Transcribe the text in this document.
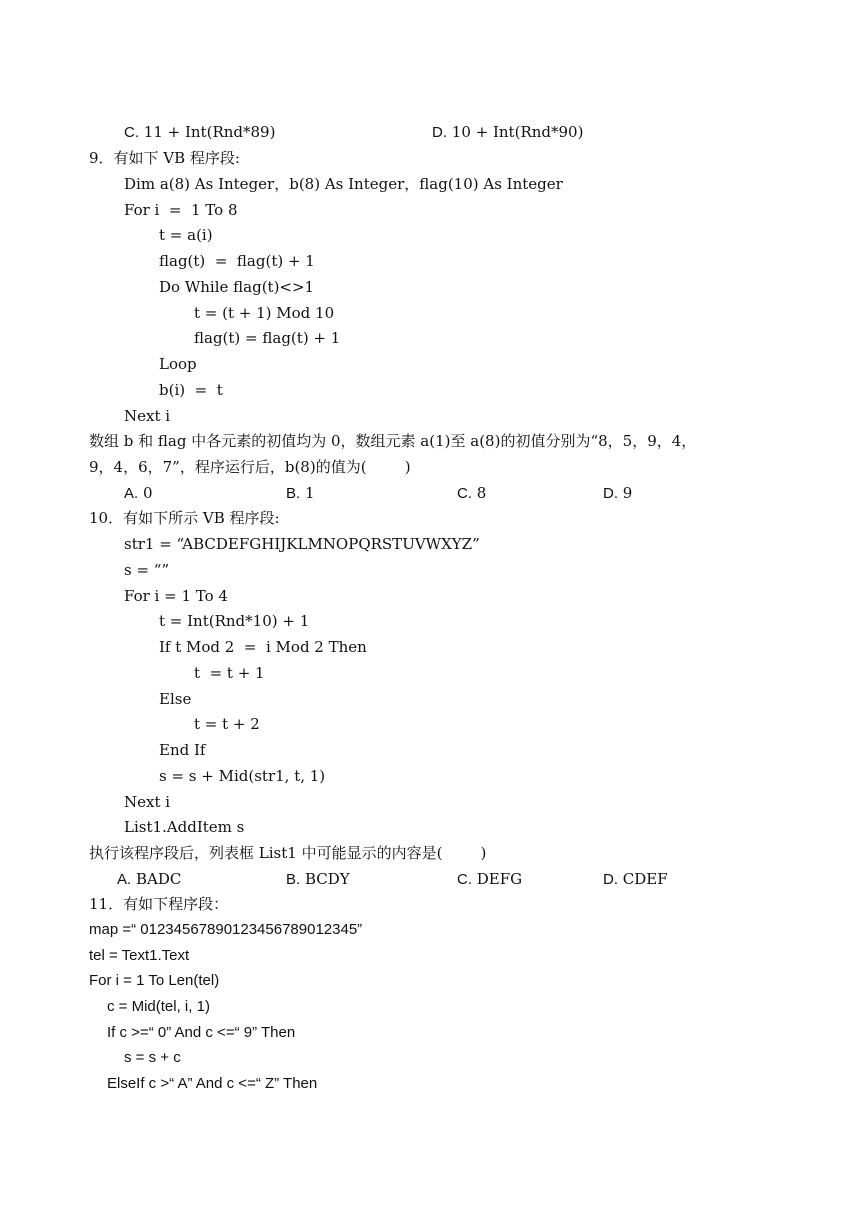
C. 11 + Int(Rnd*89)	D. 10 + Int(Rnd*90)
9．有如下 VB 程序段:
Dim a(8) As Integer，b(8) As Integer，flag(10) As Integer
For i  =  1 To 8
t = a(i)
flag(t)  =  flag(t) + 1
Do While flag(t)<>1
t = (t + 1) Mod 10
flag(t) = flag(t) + 1
Loop
b(i)  =  t
Next i
数组 b 和 flag 中各元素的初值均为 0，数组元素 a(1)至 a(8)的初值分别为“8，5，9，4，
9，4，6，7”，程序运行后，b(8)的值为(        )
A. 0	B. 1	C. 8	D. 9
10．有如下所示 VB 程序段:
str1 = “ABCDEFGHIJKLMNOPQRSTUVWXYZ”
s = “”
For i = 1 To 4
t = Int(Rnd*10) + 1
If t Mod 2  =  i Mod 2 Then
t  = t + 1
Else
t = t + 2
End If
s = s + Mid(str1, t, 1)
Next i
List1.AddItem s
执行该程序段后，列表框 List1 中可能显示的内容是(        )
A. BADC	B. BCDY	C. DEFG	D. CDEF
11．有如下程序段：
map =“ 01234567890123456789012345”
tel = Text1.Text
For i = 1 To Len(tel)
c = Mid(tel, i, 1)
If c >=“ 0” And c <=“ 9” Then
s = s + c
ElseIf c >“ A” And c <=“ Z” Then
